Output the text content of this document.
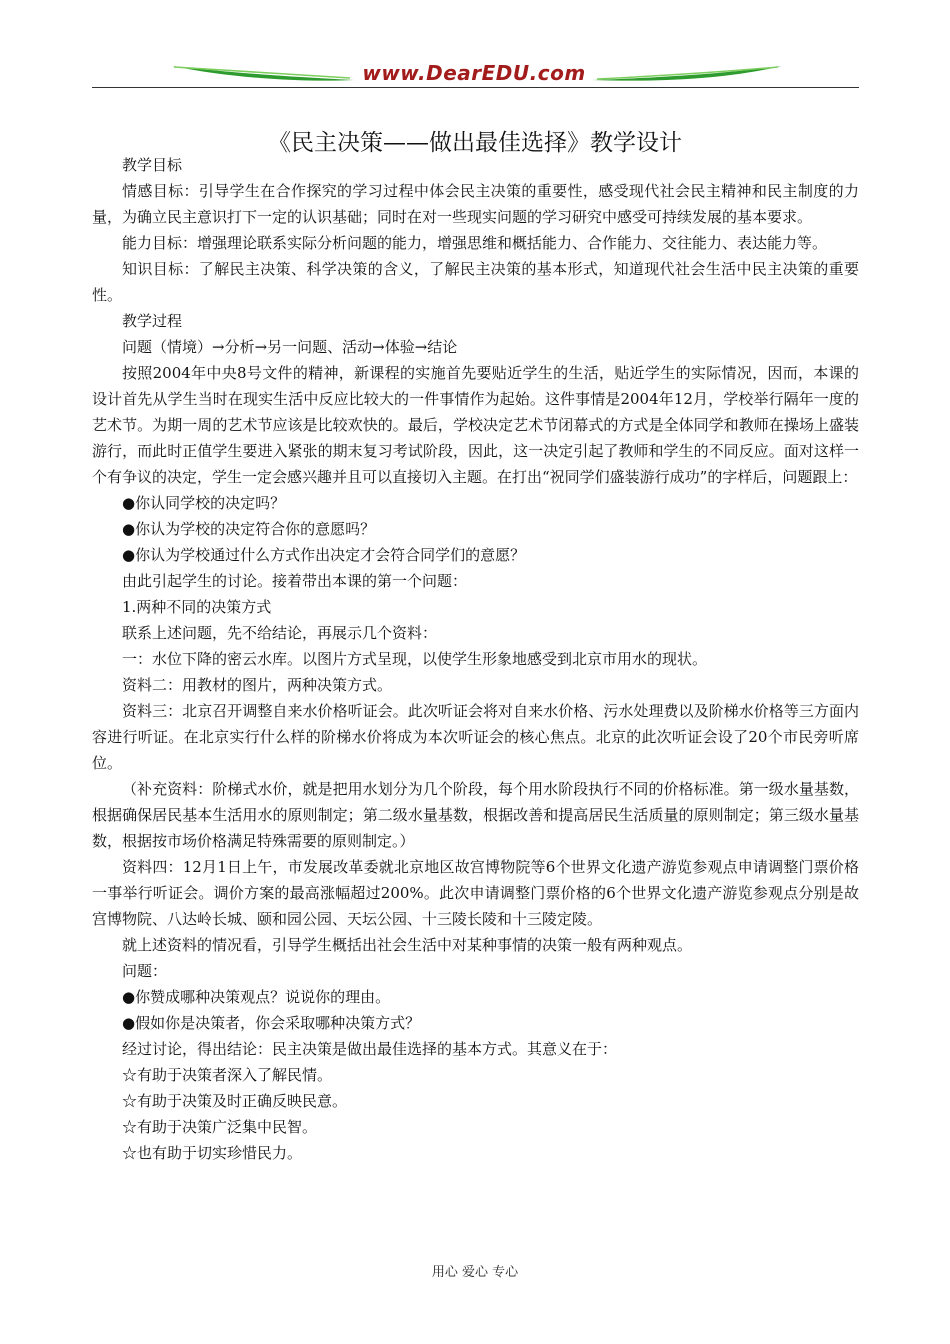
www.DearEDU.com
《民主决策——做出最佳选择》教学设计

教学目标

情感目标：引导学生在合作探究的学习过程中体会民主决策的重要性，感受现代社会民主精神和民主制度的力量，为确立民主意识打下一定的认识基础；同时在对一些现实问题的学习研究中感受可持续发展的基本要求。

能力目标：增强理论联系实际分析问题的能力，增强思维和概括能力、合作能力、交往能力、表达能力等。

知识目标：了解民主决策、科学决策的含义，了解民主决策的基本形式，知道现代社会生活中民主决策的重要性。

教学过程

问题（情境）→分析→另一问题、活动→体验→结论

按照2004年中央8号文件的精神，新课程的实施首先要贴近学生的生活，贴近学生的实际情况，因而，本课的设计首先从学生当时在现实生活中反应比较大的一件事情作为起始。这件事情是2004年12月，学校举行隔年一度的艺术节。为期一周的艺术节应该是比较欢快的。最后，学校决定艺术节闭幕式的方式是全体同学和教师在操场上盛装游行，而此时正值学生要进入紧张的期末复习考试阶段，因此，这一决定引起了教师和学生的不同反应。面对这样一个有争议的决定，学生一定会感兴趣并且可以直接切入主题。在打出“祝同学们盛装游行成功”的字样后，问题跟上：

●你认同学校的决定吗？

●你认为学校的决定符合你的意愿吗？

●你认为学校通过什么方式作出决定才会符合同学们的意愿？

由此引起学生的讨论。接着带出本课的第一个问题：

1.两种不同的决策方式

联系上述问题，先不给结论，再展示几个资料：

一：水位下降的密云水库。以图片方式呈现，以使学生形象地感受到北京市用水的现状。

资料二：用教材的图片，两种决策方式。

资料三：北京召开调整自来水价格听证会。此次听证会将对自来水价格、污水处理费以及阶梯水价格等三方面内容进行听证。在北京实行什么样的阶梯水价将成为本次听证会的核心焦点。北京的此次听证会设了20个市民旁听席位。

（补充资料：阶梯式水价，就是把用水划分为几个阶段，每个用水阶段执行不同的价格标准。第一级水量基数，根据确保居民基本生活用水的原则制定；第二级水量基数，根据改善和提高居民生活质量的原则制定；第三级水量基数，根据按市场价格满足特殊需要的原则制定。）

资料四：12月1日上午，市发展改革委就北京地区故宫博物院等6个世界文化遗产游览参观点申请调整门票价格一事举行听证会。调价方案的最高涨幅超过200%。此次申请调整门票价格的6个世界文化遗产游览参观点分别是故宫博物院、八达岭长城、颐和园公园、天坛公园、十三陵长陵和十三陵定陵。

就上述资料的情况看，引导学生概括出社会生活中对某种事情的决策一般有两种观点。

问题：

●你赞成哪种决策观点？说说你的理由。

●假如你是决策者，你会采取哪种决策方式？

经过讨论，得出结论：民主决策是做出最佳选择的基本方式。其意义在于：

☆有助于决策者深入了解民情。

☆有助于决策及时正确反映民意。

☆有助于决策广泛集中民智。

☆也有助于切实珍惜民力。

用心 爱心 专心
